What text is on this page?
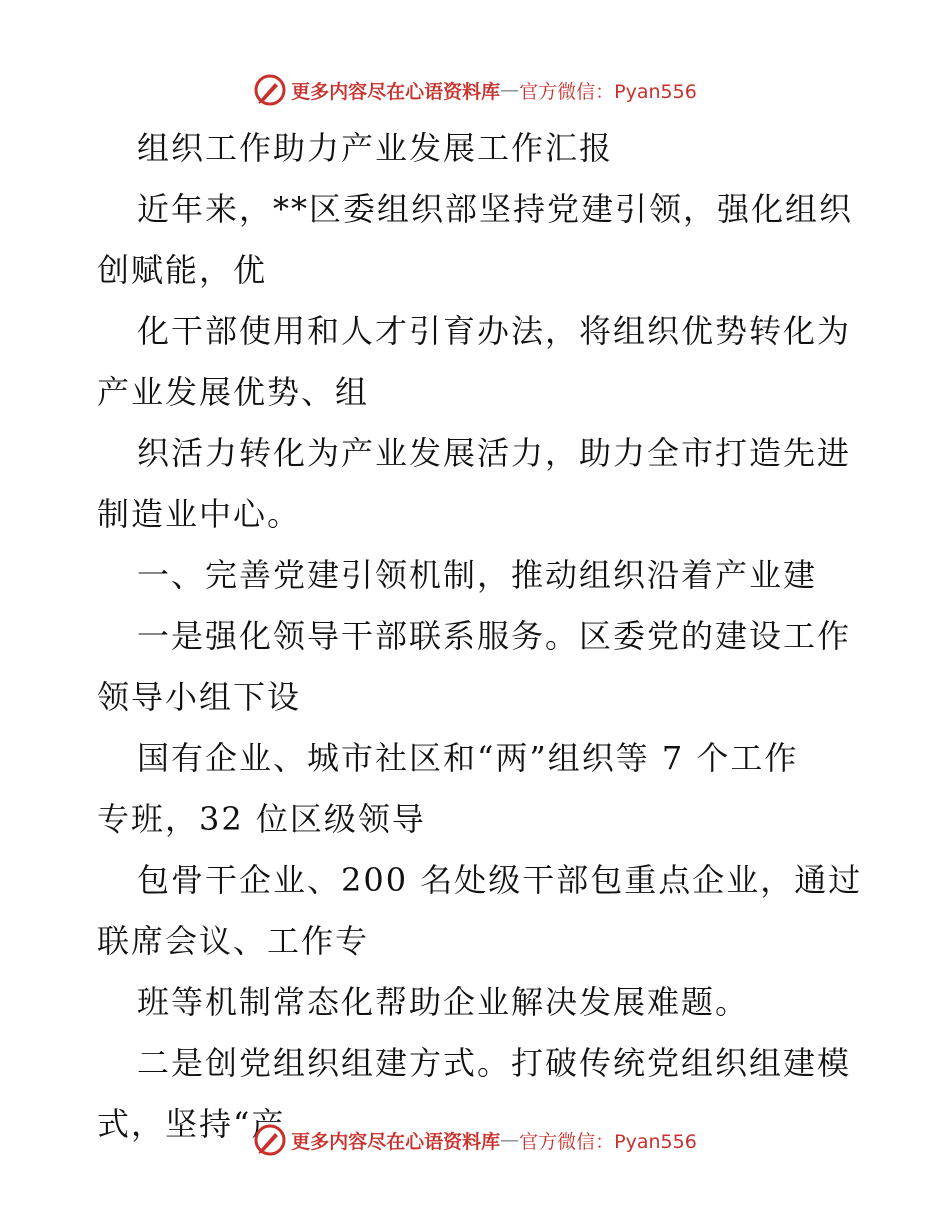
更多内容尽在心语资料库 — 官方微信：Pyan556
组织工作助力产业发展工作汇报
近年来，**区委组织部坚持党建引领，强化组织
创赋能，优
化干部使用和人才引育办法，将组织优势转化为
产业发展优势、组
织活力转化为产业发展活力，助力全市打造先进
制造业中心。
一、完善党建引领机制，推动组织沿着产业建
一是强化领导干部联系服务。区委党的建设工作
领导小组下设
国有企业、城市社区和“两”组织等 7 个工作
专班，32 位区级领导
包骨干企业、200 名处级干部包重点企业，通过
联席会议、工作专
班等机制常态化帮助企业解决发展难题。
二是创党组织组建方式。打破传统党组织组建模
式，坚持“产 更多内容尽在心语资料库 — 官方微信：Pyan556
